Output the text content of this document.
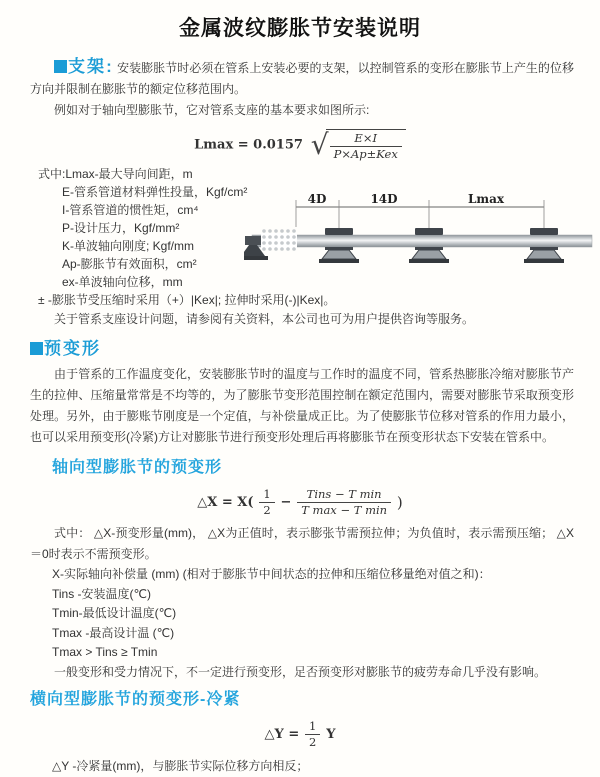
金属波纹膨胀节安装说明

支架: 安装膨胀节时必须在管系上安装必要的支架，以控制管系的变形在膨胀节上产生的位移方向并限制在膨胀节的额定位移范围内。

例如对于轴向型膨胀节，它对管系支座的基本要求如图所示:

Lmax = 0.0157 √ $\frac{E\times I}{\text{P×Ap±Kex}}$
式中:Lmax-最大导向间距，m
E-管系管道材料弹性投量，Kgf/cm²
I-管系管道的惯性矩，cm⁴
P-设计压力，Kgf/mm²
K-单波轴向刚度; Kgf/mm
Ap-膨胀节有效面积，cm²
ex-单波轴向位移，mm
4D	14D	Lmax
± -膨胀节受压缩时采用（+）|Kex|; 拉伸时采用(-)|Kex|。
关于管系支座设计问题，请参阅有关资料，本公司也可为用户提供咨询等服务。
预变形

由于管系的工作温度变化，安装膨胀节时的温度与工作时的温度不同，管系热膨胀冷缩对膨胀节产生的拉伸、压缩量常常是不均等的，为了膨胀节变形范围控制在额定范围内，需要对膨胀节采取预变形处理。另外，由于膨账节刚度是一个定值，与补偿量成正比。为了使膨胀节位移对管系的作用力最小，也可以采用预变形(冷紧)方让对膨胀节进行预变形处理后再将膨胀节在预变形状态下安装在管系中。

轴向型膨胀节的预变形
△X = $X( \frac{1}{2} - \frac{\text{Tins − T min}}{\text{T max − T min}}$ )

式中： △X-预变形量(mm)， △X为正值时，表示膨张节需预拉伸；为负值时，表示需预压缩； △X＝0时表示不需预变形。

X-实际轴向补偿量 (mm) (相对于膨胀节中间状态的拉伸和压缩位移量绝对值之和)：
Tins -安装温度(℃)
Tmin-最低设计温度(℃)
Tmax -最高设计温 (℃)
Tmax > Tins ≥ Tmin
一般变形和受力情况下，不一定进行预变形，足否预变形对膨胀节的疲劳寿命几乎没有影响。
横向型膨胀节的预变形-冷紧
△Y = $\frac{1}{2}$ Y
△Y -冷紧量(mm)，与膨胀节实际位移方向相反；
